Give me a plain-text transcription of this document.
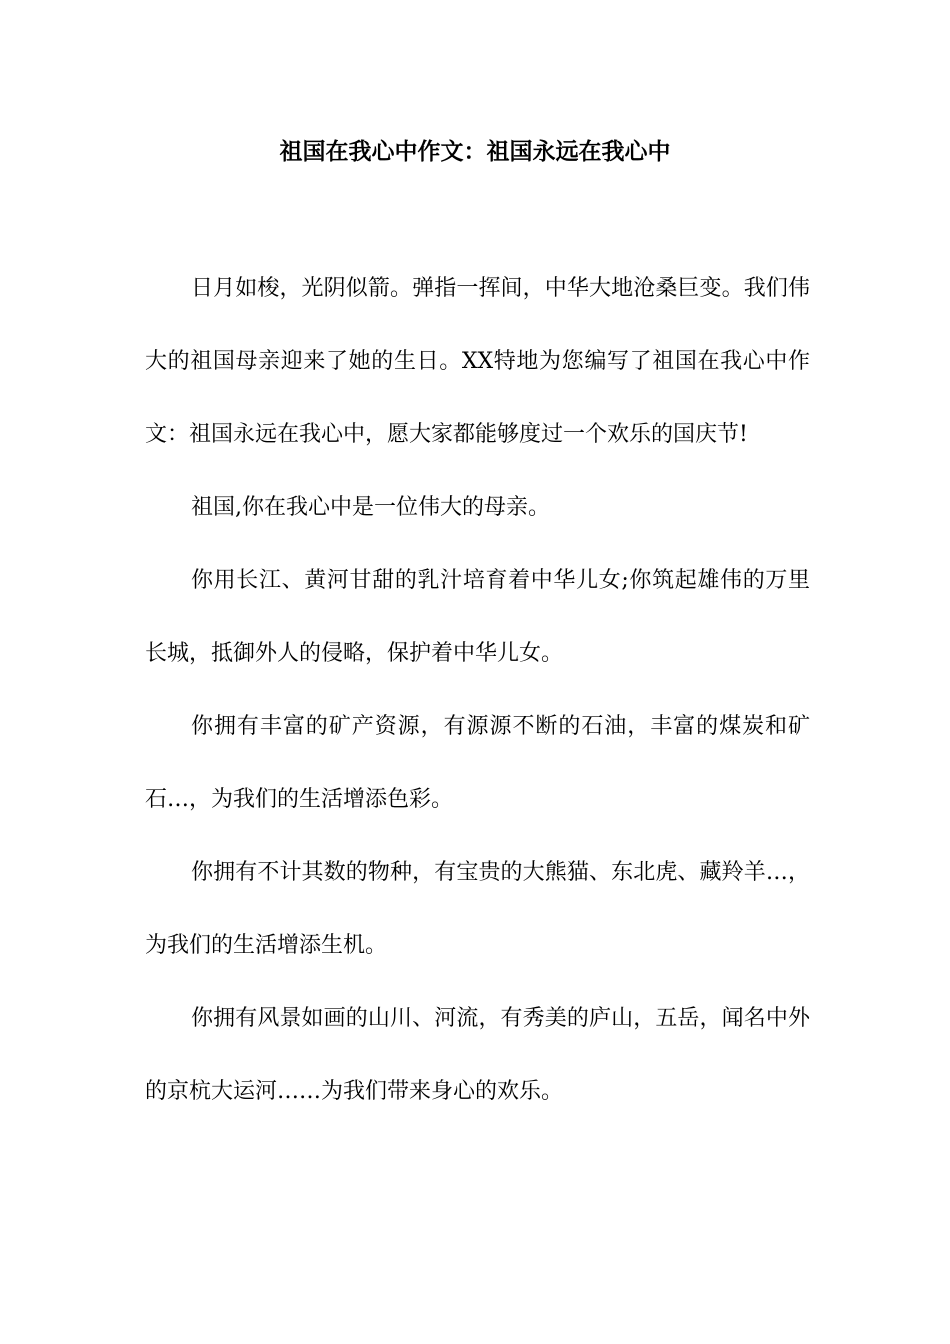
祖国在我心中作文：祖国永远在我心中

日月如梭，光阴似箭。弹指一挥间，中华大地沧桑巨变。我们伟大的祖国母亲迎来了她的生日。XX特地为您编写了祖国在我心中作文：祖国永远在我心中，愿大家都能够度过一个欢乐的国庆节!

祖国,你在我心中是一位伟大的母亲。

你用长江、黄河甘甜的乳汁培育着中华儿女;你筑起雄伟的万里长城，抵御外人的侵略，保护着中华儿女。

你拥有丰富的矿产资源，有源源不断的石油，丰富的煤炭和矿石…，为我们的生活增添色彩。

你拥有不计其数的物种，有宝贵的大熊猫、东北虎、藏羚羊…，为我们的生活增添生机。

你拥有风景如画的山川、河流，有秀美的庐山，五岳，闻名中外的京杭大运河……为我们带来身心的欢乐。
